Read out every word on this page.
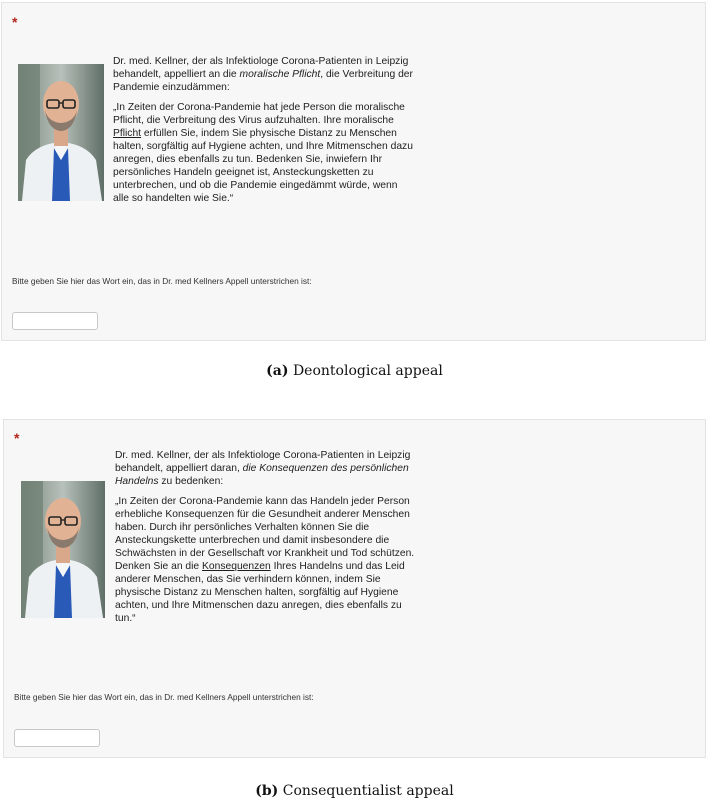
*

Dr. med. Kellner, der als Infektiologe Corona-Patienten in Leipzig behandelt, appelliert an die moralische Pflicht, die Verbreitung der Pandemie einzudämmen:

„In Zeiten der Corona-Pandemie hat jede Person die moralische Pflicht, die Verbreitung des Virus aufzuhalten. Ihre moralische Pflicht erfüllen Sie, indem Sie physische Distanz zu Menschen halten, sorgfältig auf Hygiene achten, und Ihre Mitmenschen dazu anregen, dies ebenfalls zu tun. Bedenken Sie, inwiefern Ihr persönliches Handeln geeignet ist, Ansteckungsketten zu unterbrechen, und ob die Pandemie eingedämmt würde, wenn alle so handelten wie Sie.“

Bitte geben Sie hier das Wort ein, das in Dr. med Kellners Appell unterstrichen ist:
(a) Deontological appeal
*

Dr. med. Kellner, der als Infektiologe Corona-Patienten in Leipzig behandelt, appelliert daran, die Konsequenzen des persönlichen Handelns zu bedenken:

„In Zeiten der Corona-Pandemie kann das Handeln jeder Person erhebliche Konsequenzen für die Gesundheit anderer Menschen haben. Durch ihr persönliches Verhalten können Sie die Ansteckungskette unterbrechen und damit insbesondere die Schwächsten in der Gesellschaft vor Krankheit und Tod schützen. Denken Sie an die Konsequenzen Ihres Handelns und das Leid anderer Menschen, das Sie verhindern können, indem Sie physische Distanz zu Menschen halten, sorgfältig auf Hygiene achten, und Ihre Mitmenschen dazu anregen, dies ebenfalls zu tun.“

Bitte geben Sie hier das Wort ein, das in Dr. med Kellners Appell unterstrichen ist:
(b) Consequentialist appeal
